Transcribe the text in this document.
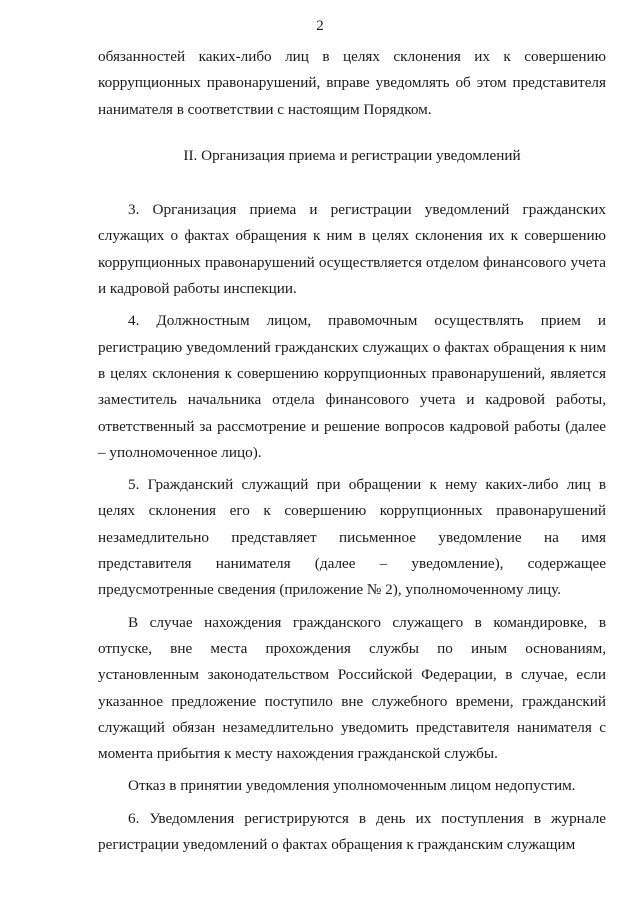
2

обязанностей каких-либо лиц в целях склонения их к совершению коррупционных правонарушений, вправе уведомлять об этом представителя нанимателя в соответствии с настоящим Порядком.

II. Организация приема и регистрации уведомлений

3. Организация приема и регистрации уведомлений гражданских служащих о фактах обращения к ним в целях склонения их к совершению коррупционных правонарушений осуществляется отделом финансового учета и кадровой работы инспекции.

4. Должностным лицом, правомочным осуществлять прием и регистрацию уведомлений гражданских служащих о фактах обращения к ним в целях склонения к совершению коррупционных правонарушений, является заместитель начальника отдела финансового учета и кадровой работы, ответственный за рассмотрение и решение вопросов кадровой работы (далее – уполномоченное лицо).

5. Гражданский служащий при обращении к нему каких-либо лиц в целях склонения его к совершению коррупционных правонарушений незамедлительно представляет письменное уведомление на имя представителя нанимателя (далее – уведомление), содержащее предусмотренные сведения (приложение № 2), уполномоченному лицу.

В случае нахождения гражданского служащего в командировке, в отпуске, вне места прохождения службы по иным основаниям, установленным законодательством Российской Федерации, в случае, если указанное предложение поступило вне служебного времени, гражданский служащий обязан незамедлительно уведомить представителя нанимателя с момента прибытия к месту нахождения гражданской службы.

Отказ в принятии уведомления уполномоченным лицом недопустим.

6. Уведомления регистрируются в день их поступления в журнале регистрации уведомлений о фактах обращения к гражданским служащим
